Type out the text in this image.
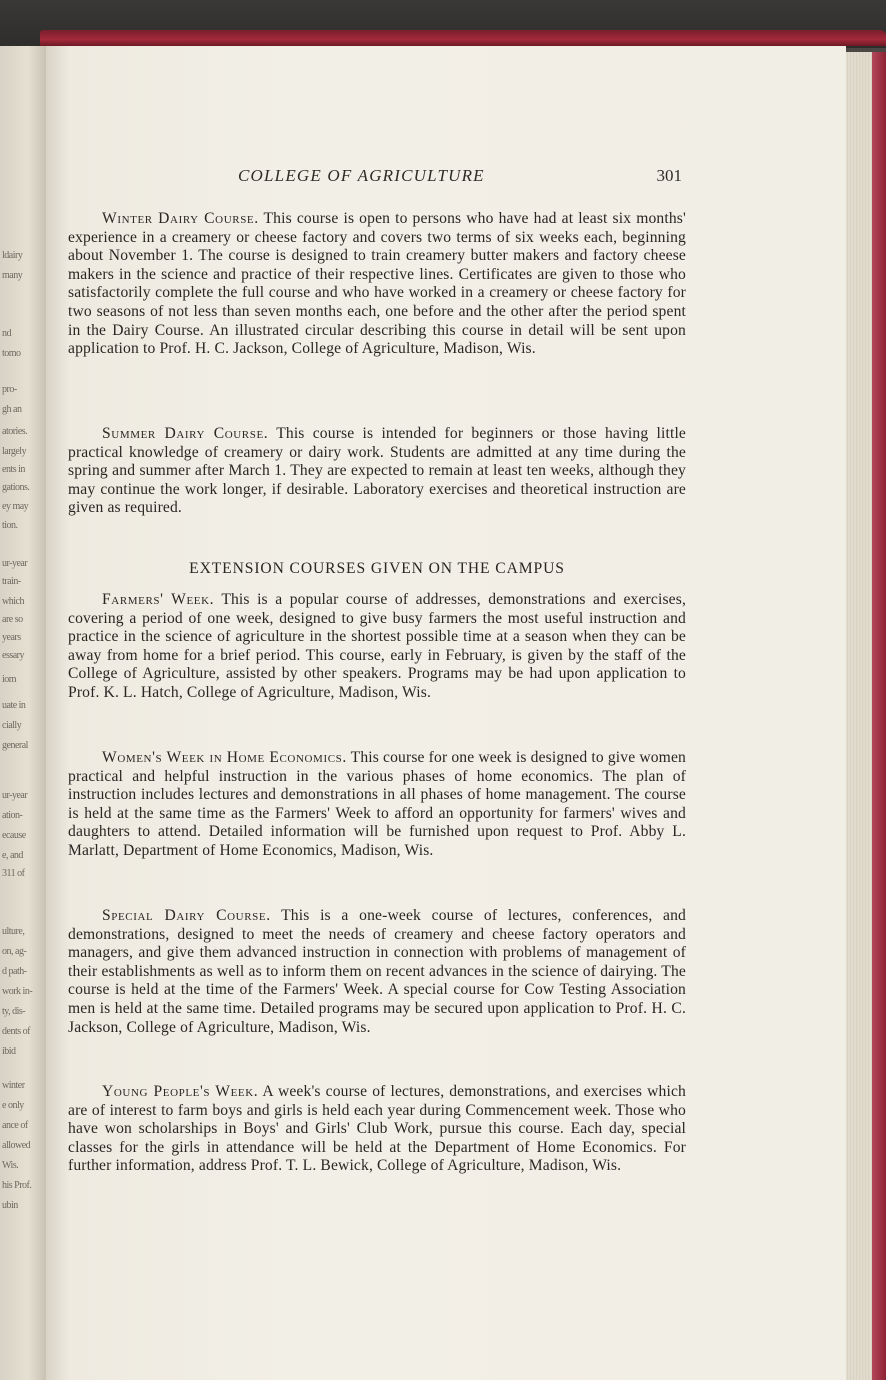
ldairy
many
nd
tomo
pro-
gh an
atories.
largely
ents in
gations.
ey may
tion.
ur-year
train-
which
are so
years
essary
iom
uate in
cially
general
ur-year
ation-
ecause
e, and
311 of
ulture,
on, ag-
d path-
work in-
ty, dis-
dents of
ibid
winter
e only
ance of
allowed
Wis.
his Prof.
ubin
COLLEGE OF AGRICULTURE	301
Winter Dairy Course. This course is open to persons who have had at least six months' experience in a creamery or cheese factory and covers two terms of six weeks each, beginning about November 1. The course is designed to train creamery butter makers and factory cheese makers in the science and practice of their respective lines. Certificates are given to those who satisfactorily complete the full course and who have worked in a creamery or cheese factory for two seasons of not less than seven months each, one before and the other after the period spent in the Dairy Course. An illustrated circular describing this course in detail will be sent upon application to Prof. H. C. Jackson, College of Agriculture, Madison, Wis.
Summer Dairy Course. This course is intended for beginners or those having little practical knowledge of creamery or dairy work. Students are admitted at any time during the spring and summer after March 1. They are expected to remain at least ten weeks, although they may continue the work longer, if desirable. Laboratory exercises and theoretical instruction are given as required.
EXTENSION COURSES GIVEN ON THE CAMPUS
Farmers' Week. This is a popular course of addresses, demonstrations and exercises, covering a period of one week, designed to give busy farmers the most useful instruction and practice in the science of agriculture in the shortest possible time at a season when they can be away from home for a brief period. This course, early in February, is given by the staff of the College of Agriculture, assisted by other speakers. Programs may be had upon application to Prof. K. L. Hatch, College of Agriculture, Madison, Wis.
Women's Week in Home Economics. This course for one week is designed to give women practical and helpful instruction in the various phases of home economics. The plan of instruction includes lectures and demonstrations in all phases of home management. The course is held at the same time as the Farmers' Week to afford an opportunity for farmers' wives and daughters to attend. Detailed information will be furnished upon request to Prof. Abby L. Marlatt, Department of Home Economics, Madison, Wis.
Special Dairy Course. This is a one-week course of lectures, conferences, and demonstrations, designed to meet the needs of creamery and cheese factory operators and managers, and give them advanced instruction in connection with problems of management of their establishments as well as to inform them on recent advances in the science of dairying. The course is held at the time of the Farmers' Week. A special course for Cow Testing Association men is held at the same time. Detailed programs may be secured upon application to Prof. H. C. Jackson, College of Agriculture, Madison, Wis.
Young People's Week. A week's course of lectures, demonstrations, and exercises which are of interest to farm boys and girls is held each year during Commencement week. Those who have won scholarships in Boys' and Girls' Club Work, pursue this course. Each day, special classes for the girls in attendance will be held at the Department of Home Economics. For further information, address Prof. T. L. Bewick, College of Agriculture, Madison, Wis.
